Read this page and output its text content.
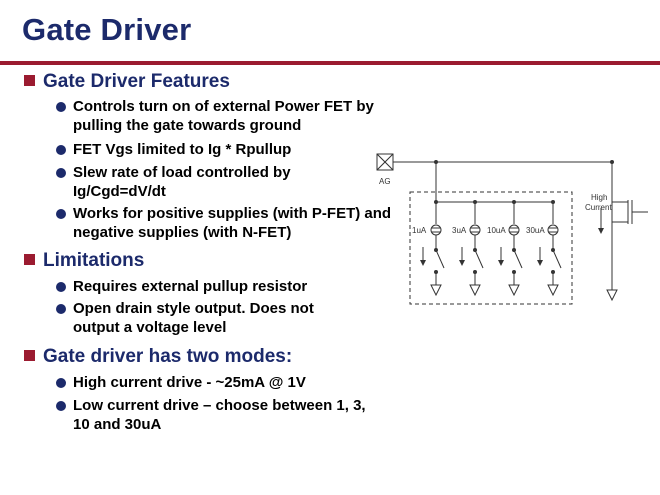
Gate Driver
Gate Driver Features
Controls turn on of external Power FET by pulling the gate towards ground
FET Vgs limited to Ig * Rpullup
Slew rate of load controlled by Ig/Cgd=dV/dt
Works for positive supplies (with P-FET) and negative supplies (with N-FET)
Limitations
Requires external pullup resistor
Open drain style output. Does not output a voltage level
Gate driver has two modes:
High current drive - ~25mA @ 1V
Low current drive – choose between 1, 3, 10 and 30uA
AG
1uA	3uA	10uA	30uA
High
Current
